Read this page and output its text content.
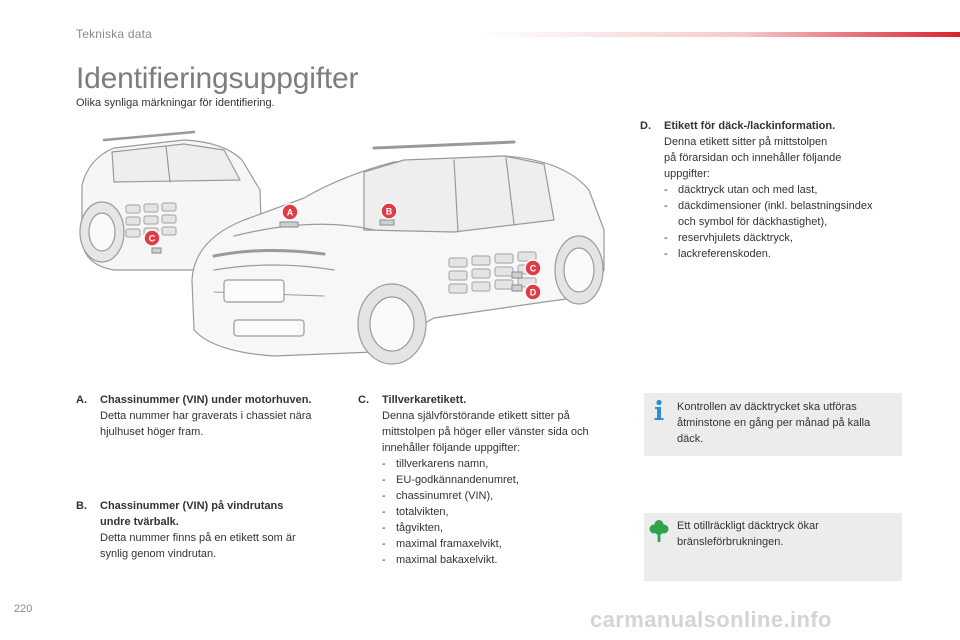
Tekniska data
Identifieringsuppgifter
Olika synliga märkningar för identifiering.
A	B
C
C
D
D. Etikett för däck-/lackinformation.
Denna etikett sitter på mittstolpen
på förarsidan och innehåller följande
uppgifter:
- däcktryck utan och med last,
- däckdimensioner (inkl. belastningsindex
och symbol för däckhastighet),
- reservhjulets däcktryck,
- lackreferenskoden.
A. Chassinummer (VIN) under motorhuven.
Detta nummer har graverats i chassiet nära
hjulhuset höger fram.
B. Chassinummer (VIN) på vindrutans
undre tvärbalk.
Detta nummer finns på en etikett som är
synlig genom vindrutan.
C. Tillverkaretikett.
Denna självförstörande etikett sitter på
mittstolpen på höger eller vänster sida och
innehåller följande uppgifter:
- tillverkarens namn,
- EU-godkännandenumret,
- chassinumret (VIN),
- totalvikten,
- tågvikten,
- maximal framaxelvikt,
- maximal bakaxelvikt.
Kontrollen av däcktrycket ska utföras
åtminstone en gång per månad på kalla
däck.
Ett otillräckligt däcktryck ökar
bränsleförbrukningen.
220	carmanualsonline.info
